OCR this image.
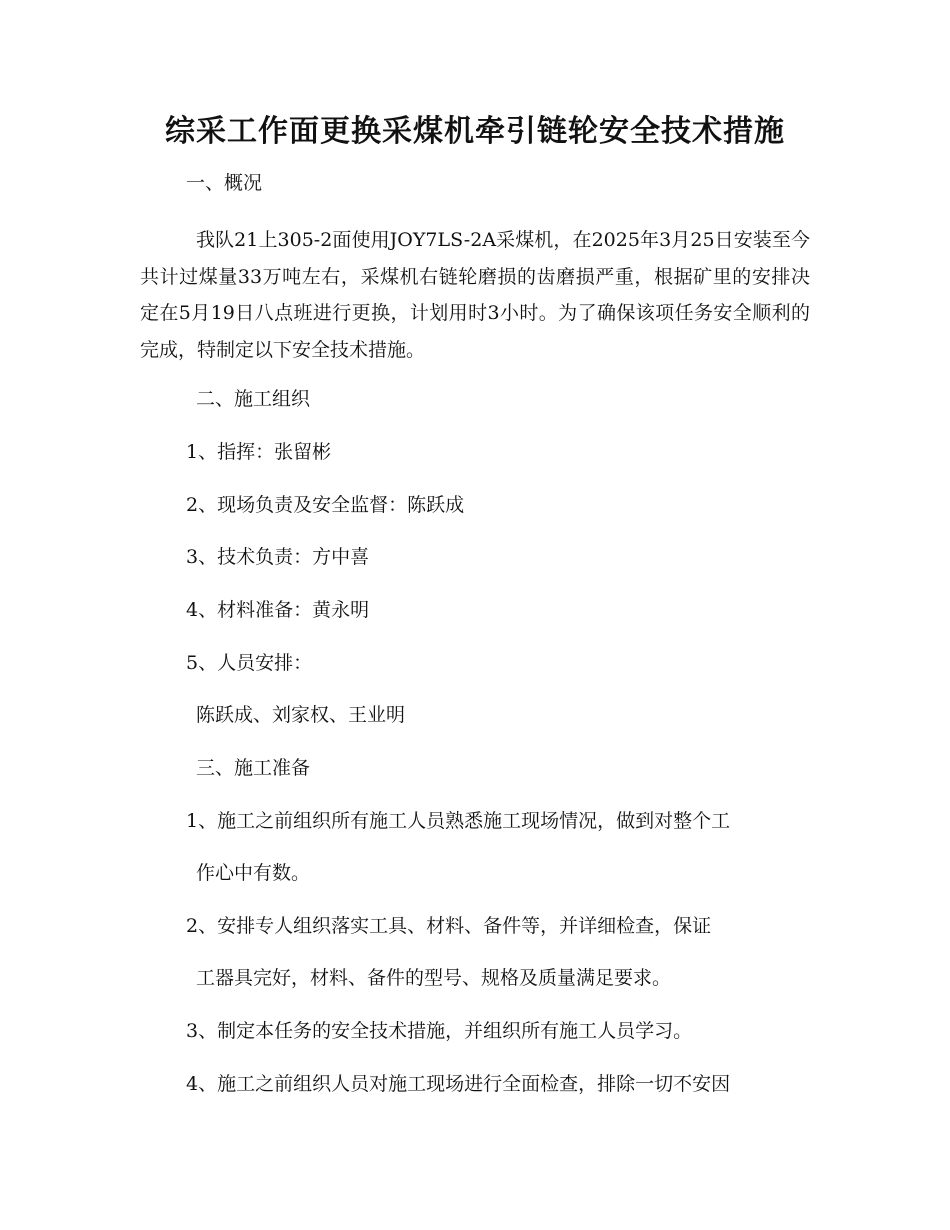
综采工作面更换采煤机牵引链轮安全技术措施
一、概况
我队21上305-2面使用JOY7LS-2A采煤机，在2025年3月25日安装至今共计过煤量33万吨左右，采煤机右链轮磨损的齿磨损严重，根据矿里的安排决定在5月19日八点班进行更换，计划用时3小时。为了确保该项任务安全顺利的完成，特制定以下安全技术措施。
二、施工组织
1、指挥：张留彬
2、现场负责及安全监督：陈跃成
3、技术负责：方中喜
4、材料准备：黄永明
5、人员安排：
陈跃成、刘家权、王业明
三、施工准备
1、施工之前组织所有施工人员熟悉施工现场情况，做到对整个工
作心中有数。
2、安排专人组织落实工具、材料、备件等，并详细检查，保证
工器具完好，材料、备件的型号、规格及质量满足要求。
3、制定本任务的安全技术措施，并组织所有施工人员学习。
4、施工之前组织人员对施工现场进行全面检查，排除一切不安因
